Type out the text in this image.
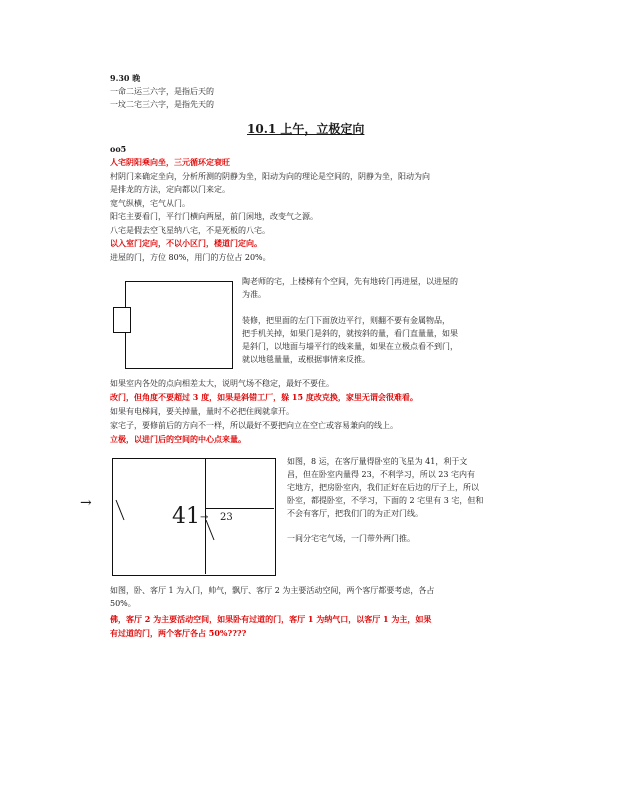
9.30 晚
一命二运三六字，是指后天的
一坟二宅三六字，是指先天的
10.1 上午，立极定向
oo5
人宅阴阳乘向坐，三元循环定衰旺
村阴门来确定坐向，分析所测的阴静为坐，阳动为向的理论是空间的，阴静为坐，阳动为向
是排龙的方法，定向都以门来定。
宽气纵横，宅气从门。
阳宅主要看门，平行门横向两屋，前门闲地，改变气之源。
八宅是假去空飞星纳八宅，不是死板的八宅。
以入室门定向，不以小区门，楼道门定向。
进屋的门，方位 80%，用门的方位占 20%。
陶老师的宅，上楼梯有个空间，先有地砖门再进屋，以进屋的
为准。
装修，把里面的左门下面放边平行，则翻不要有金属物品，
把手机关掉，如果门是斜的，就按斜的量，看门直量量，如果
是斜门，以地面与墙平行的线来量，如果在立极点看不到门，
就以地毯量量，或根据事情来反推。
如果室内各处的点向相差太大，说明气场不稳定，最好不要住。
改门，但角度不要超过 3 度，如果是斜错工厂，躲 15 度改克换，家里无谓会很难看。
如果有电梯间，要关掉量，量时不必把住阀就拿开。
家宅子，要修前后的方向不一样，所以最好不要把向立在空亡或容易兼向的线上。
立极，以进门后的空间的中心点来量。
→
41 → 23
如图，8 运，在客厅量得卧室的飞星为 41，利于文
昌，但在卧室内量得 23，不利学习，所以 23 宅内有
宅地方，把房卧室内，我们正好在后边的厅子上，所以
卧室，都提卧室，不学习，下面的 2 宅里有 3 宅，但和
不会有客厅，把我们门的为正对门线。
一间分宅宅气场，一门带外两门推。
如图，卧、客厅 1 为入门，帅气，飘厅、客厅 2 为主要活动空间，两个客厅都要考虑，各占
50%。
佛，客厅 2 为主要活动空间，如果卧有过道的门，客厅 1 为纳气口，以客厅 1 为主，如果
有过道的门，两个客厅各占 50%????
